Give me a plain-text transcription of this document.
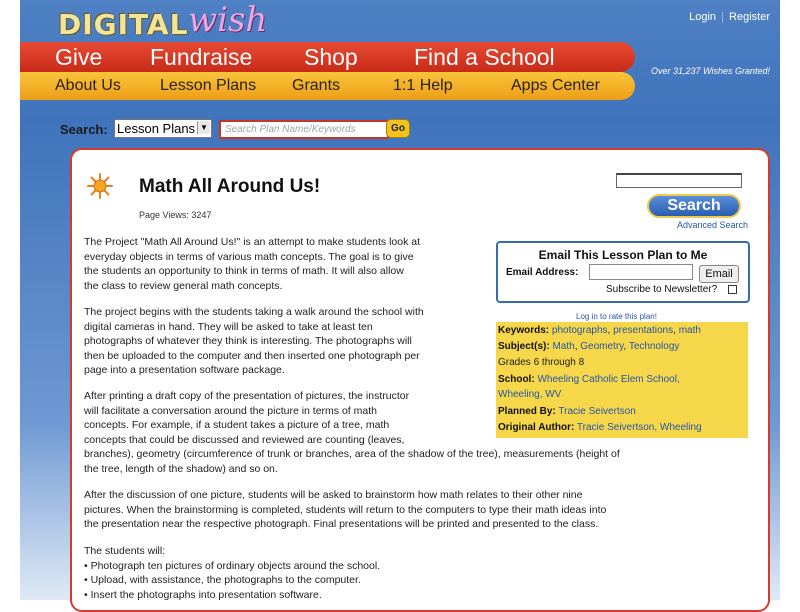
DIGITAL wish	Login | Register
Give Fundraise Shop Find a School
About Us Lesson Plans Grants	1:1 Help	Apps Center
Over 31,237 Wishes Granted!
Search: Lesson Plans ▼
Search Plan Name/Keywords	Go
Math All Around Us!
Page Views: 3247
Search
Advanced Search
Email This Lesson Plan to Me
Email Address:	Email
Subscribe to Newsletter?
Log in to rate this plan!
Keywords: photographs, presentations, math
Subject(s): Math, Geometry, Technology
Grades 6 through 8
School: Wheeling Catholic Elem School,
Wheeling, WV
Planned By: Tracie Seivertson
Original Author: Tracie Seivertson, Wheeling
The Project "Math All Around Us!" is an attempt to make students look at
everyday objects in terms of various math concepts. The goal is to give
the students an opportunity to think in terms of math. It will also allow
the class to review general math concepts.
The project begins with the students taking a walk around the school with
digital cameras in hand. They will be asked to take at least ten
photographs of whatever they think is interesting. The photographs will
then be uploaded to the computer and then inserted one photograph per
page into a presentation software package.
After printing a draft copy of the presentation of pictures, the instructor
will facilitate a conversation around the picture in terms of math
concepts. For example, if a student takes a picture of a tree, math
concepts that could be discussed and reviewed are counting (leaves,
branches), geometry (circumference of trunk or branches, area of the shadow of the tree), measurements (height of
the tree, length of the shadow) and so on.
After the discussion of one picture, students will be asked to brainstorm how math relates to their other nine
pictures. When the brainstorming is completed, students will return to the computers to type their math ideas into
the presentation near the respective photograph. Final presentations will be printed and presented to the class.
The students will:
• Photograph ten pictures of ordinary objects around the school.
• Upload, with assistance, the photographs to the computer.
• Insert the photographs into presentation software.
